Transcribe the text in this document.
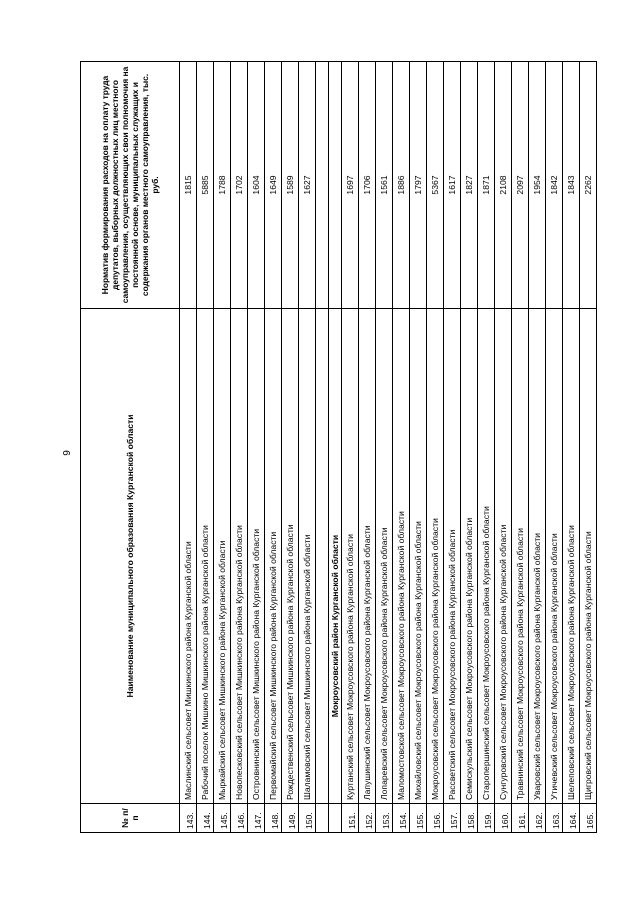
9
№ п/п	Наименование муниципального образования Курганской области	Норматив формирования расходов на оплату труда депутатов, выборных должностных лиц местного самоуправления, осуществляющих свои полномочия на постоянной основе, муниципальных служащих и содержания органов местного самоуправления, тыс. руб.
143.	Маслинский сельсовет Мишкинского района Курганской области	1815
144.	Рабочий поселок Мишкино Мишкинского района Курганской области	5885
145.	Мыркайский сельсовет Мишкинского района Курганской области	1788
146.	Новопесковский сельсовет Мишкинского района Курганской области	1702
147.	Островнинский сельсовет Мишкинского района Курганской области	1604
148.	Первомайский сельсовет Мишкинского района Курганской области	1649
149.	Рождественский сельсовет Мишкинского района Курганской области	1589
150.	Шаламовский сельсовет Мишкинского района Курганской области	1627

	Мокроусовский район Курганской области	
151.	Куртанский сельсовет Мокроусовского района Курганской области	1697
152.	Лапушинский сельсовет Мокроусовского района Курганской области	1706
153.	Лопаревский сельсовет Мокроусовского района Курганской области	1561
154.	Маломостовской сельсовет Мокроусовского района Курганской области	1886
155.	Михайловский сельсовет Мокроусовского района Курганской области	1797
156.	Мокроусовский сельсовет Мокроусовского района Курганской области	5367
157.	Рассветский сельсовет Мокроусовского района Курганской области	1617
158.	Семискульский сельсовет Мокроусовского района Курганской области	1827
159.	Старопершинский сельсовет Мокроусовского района Курганской области	1871
160.	Сунгуровский сельсовет Мокроусовского района Курганской области	2108
161.	Травнинский сельсовет Мокроусовского района Курганской области	2097
162.	Уваровский сельсовет Мокроусовского района Курганской области	1954
163.	Утичевский сельсовет Мокроусовского района Курганской области	1842
164.	Шелеповский сельсовет Мокроусовского района Курганской области	1843
165.	Щигровский сельсовет Мокроусовского района Курганской области	2262
